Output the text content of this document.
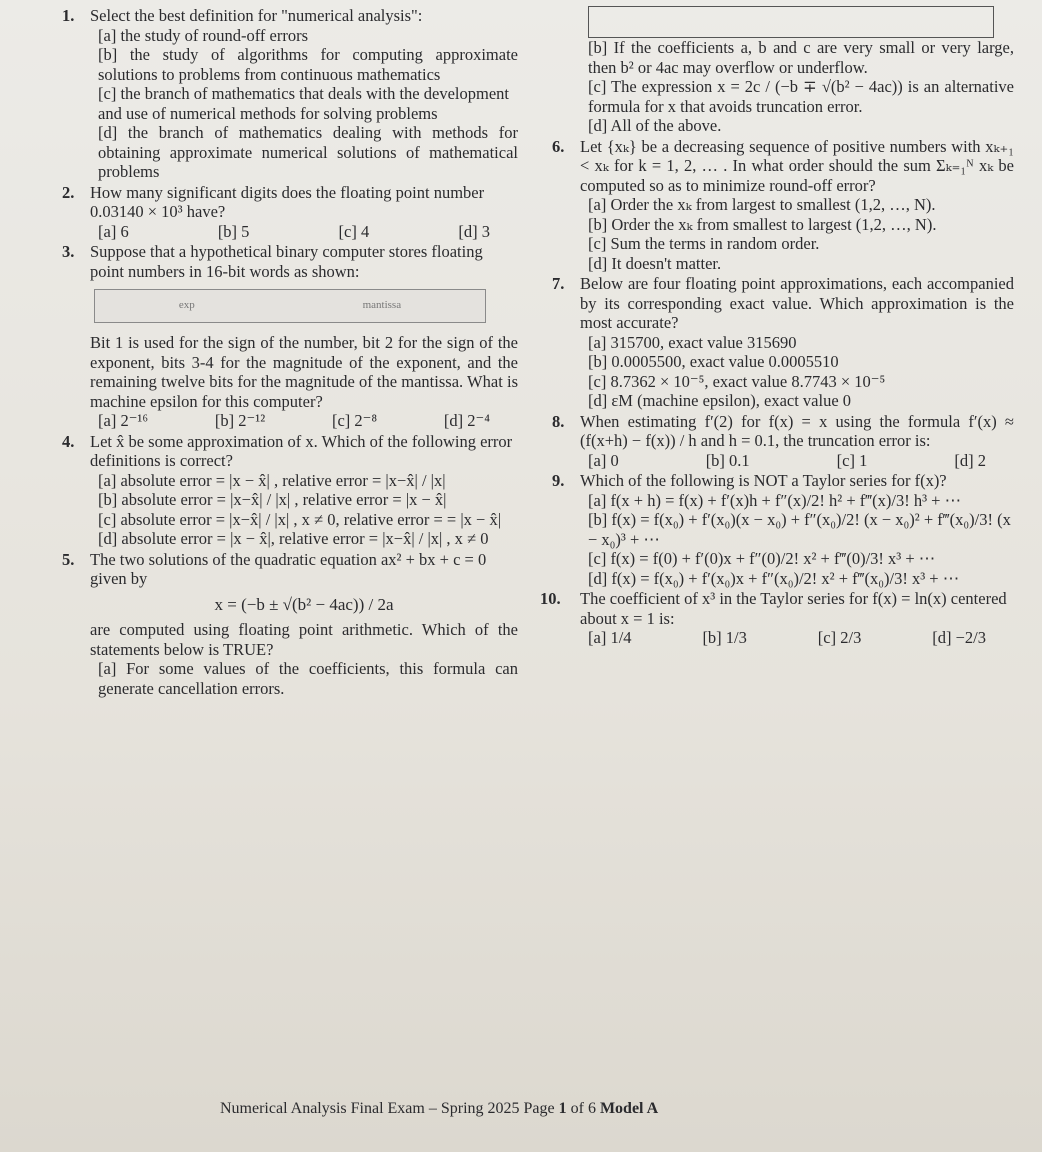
1. Select the best definition for "numerical analysis":
[a] the study of round-off errors
[b] the study of algorithms for computing approximate solutions to problems from continuous mathematics
[c] the branch of mathematics that deals with the development and use of numerical methods for solving problems
[d] the branch of mathematics dealing with methods for obtaining approximate numerical solutions of mathematical problems
2. How many significant digits does the floating point number 0.03140 × 10³ have?
[a] 6	[b] 5	[c] 4	[d] 3
3. Suppose that a hypothetical binary computer stores floating point numbers in 16-bit words as shown:
exp	mantissa
Bit 1 is used for the sign of the number, bit 2 for the sign of the exponent, bits 3-4 for the magnitude of the exponent, and the remaining twelve bits for the magnitude of the mantissa. What is machine epsilon for this computer?
[a] 2⁻¹⁶	[b] 2⁻¹²	[c] 2⁻⁸	[d] 2⁻⁴
4. Let x̂ be some approximation of x. Which of the following error definitions is correct?
[a] absolute error = |x − x̂| , relative error = |x−x̂| / |x|
[b] absolute error = |x−x̂| / |x| , relative error = |x − x̂|
[c] absolute error = |x−x̂| / |x| , x ≠ 0, relative error = = |x − x̂|
[d] absolute error = |x − x̂|, relative error = |x−x̂| / |x| , x ≠ 0
5. The two solutions of the quadratic equation ax² + bx + c = 0 given by
x = (−b ± √(b² − 4ac)) / 2a
are computed using floating point arithmetic. Which of the statements below is TRUE?
[a] For some values of the coefficients, this formula can generate cancellation errors.
[b] If the coefficients a, b and c are very small or very large, then b² or 4ac may overflow or underflow.
[c] The expression x = 2c / (−b ∓ √(b² − 4ac)) is an alternative formula for x that avoids truncation error.
[d] All of the above.
6. Let {xₖ} be a decreasing sequence of positive numbers with xₖ₊₁ < xₖ for k = 1, 2, … . In what order should the sum Σₖ₌₁ᴺ xₖ be computed so as to minimize round-off error?
[a] Order the xₖ from largest to smallest (1,2, …, N).
[b] Order the xₖ from smallest to largest (1,2, …, N).
[c] Sum the terms in random order.
[d] It doesn't matter.
7. Below are four floating point approximations, each accompanied by its corresponding exact value. Which approximation is the most accurate?
[a] 315700, exact value 315690
[b] 0.0005500, exact value 0.0005510
[c] 8.7362 × 10⁻⁵, exact value 8.7743 × 10⁻⁵
[d] εM (machine epsilon), exact value 0
8. When estimating f′(2) for f(x) = x using the formula f′(x) ≈ (f(x+h) − f(x)) / h and h = 0.1, the truncation error is:
[a] 0	[b] 0.1	[c] 1	[d] 2
9. Which of the following is NOT a Taylor series for f(x)?
[a] f(x + h) = f(x) + f′(x)h + f″(x)/2! h² + f‴(x)/3! h³ + ⋯
[b] f(x) = f(x₀) + f′(x₀)(x − x₀) + f″(x₀)/2! (x − x₀)² + f‴(x₀)/3! (x − x₀)³ + ⋯
[c] f(x) = f(0) + f′(0)x + f″(0)/2! x² + f‴(0)/3! x³ + ⋯
[d] f(x) = f(x₀) + f′(x₀)x + f″(x₀)/2! x² + f‴(x₀)/3! x³ + ⋯
10. The coefficient of x³ in the Taylor series for f(x) = ln(x) centered about x = 1 is:
[a] 1/4	[b] 1/3	[c] 2/3	[d] −2/3
Numerical Analysis Final Exam – Spring 2025 Page 1 of 6 Model A
